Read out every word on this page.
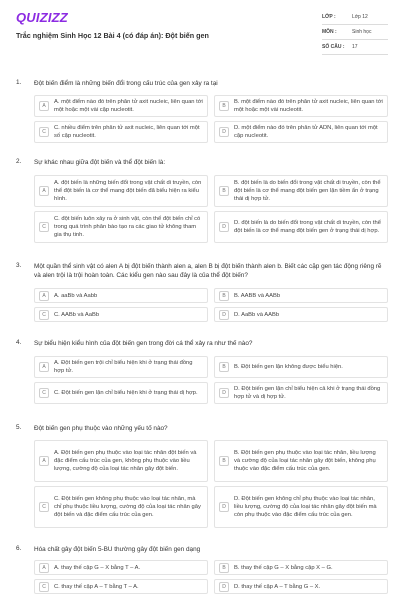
QUIZIZZ
Trắc nghiệm Sinh Học 12 Bài 4 (có đáp án): Đột biến gen
LỚP :	Lớp 12
MÔN :	Sinh học
SỐ CÂU :	17
1. Đột biến điểm là những biến đổi trong cấu trúc của gen xảy ra tại
A
A. một điểm nào đó trên phân tử axit nucleic, liên quan tới một hoặc một vài cặp nucleotit.
B
B. một điểm nào đó trên phân tử axit nucleic, liên quan tới một hoặc một vài nucleotit.
C
C. nhiều điểm trên phân tử axit nucleic, liên quan tới một số cặp nucleotit.
D
D. một điểm nào đó trên phân tử ADN, liên quan tới một cặp nucleotit.
2. Sự khác nhau giữa đột biến và thể đột biến là:
A
A. đột biến là những biến đổi trong vật chất di truyền, còn thể đột biến là cơ thể mang đột biến đã biểu hiện ra kiểu hình.
B
B. đột biến là do biến đổi trong vật chất di truyền, còn thể đột biến là cơ thể mang đột biến gen lặn tiềm ẩn ở trạng thái dị hợp tử.
C
C. đột biến luôn xảy ra ở sinh vật, còn thể đột biến chỉ có trong quá trình phân bào tạo ra các giao tử không tham gia thụ tinh.
D
D. đột biến là do biến đổi trong vật chất di truyền, còn thể đột biến là cơ thể mang đột biến gen ở trạng thái dị hợp.
3. Một quần thể sinh vật có alen A bị đột biến thành alen a, alen B bị đột biến thành alen b. Biết các cặp gen tác động riêng rẽ và alen trội là trội hoàn toàn. Các kiểu gen nào sau đây là của thể đột biến?
A	A. aaBb và Aabb	B	B. AABB và AABb
C	C. AABb và AaBb	D	D. AaBb và AABb
4. Sự biểu hiện kiểu hình của đột biến gen trong đời cá thể xảy ra như thế nào?
A
A. Đột biến gen trội chỉ biểu hiện khi ở trạng thái đồng hợp tử.
B	B. Đột biến gen lặn không được biểu hiện.
C	C. Đột biến gen lặn chỉ biểu hiện khi ở trạng thái dị hợp.	D
D. Đột biến gen lặn chỉ biểu hiện cả khi ở trạng thái đồng hợp tử và dị hợp tử.
5. Đột biến gen phụ thuộc vào những yếu tố nào?
A
A. Đột biến gen phụ thuộc vào loại tác nhân đột biến và đặc điểm cấu trúc của gen, không phụ thuộc vào liều lượng, cường độ của loại tác nhân gây đột biến.
B
B. Đột biến gen phụ thuộc vào loại tác nhân, liều lượng và cường độ của loại tác nhân gây đột biến, không phụ thuộc vào đặc điểm cấu trúc của gen.
C
C. Đột biến gen không phụ thuộc vào loại tác nhân, mà chỉ phụ thuộc liều lượng, cường độ của loại tác nhân gây đột biến và đặc điểm cấu trúc của gen.
D
D. Đột biến gen không chỉ phụ thuộc vào loại tác nhân, liều lượng, cường độ của loại tác nhân gây đột biến mà còn phụ thuộc vào đặc điểm cấu trúc của gen.
6. Hóa chất gây đột biến 5-BU thường gây đột biến gen dạng
A	A. thay thế cặp G – X bằng T – A.	B	B. thay thế cặp G – X bằng cặp X – G.
C	C. thay thế cặp A – T bằng T – A.	D	D. thay thế cặp A – T bằng G – X.
